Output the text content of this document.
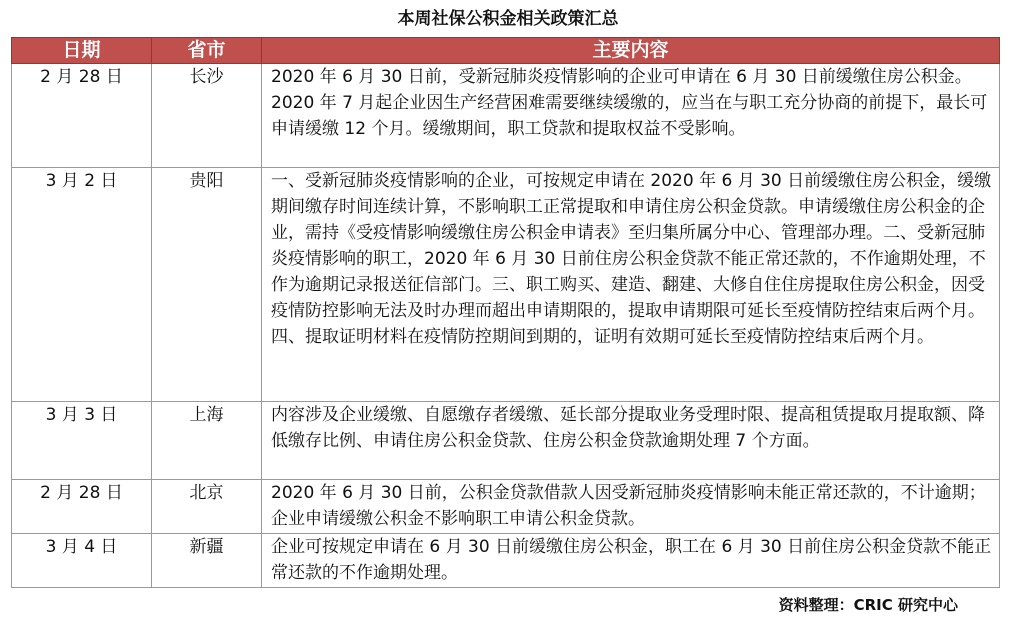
本周社保公积金相关政策汇总
日期	省市	主要内容
2 月 28 日	长沙	2020 年 6 月 30 日前，受新冠肺炎疫情影响的企业可申请在 6 月 30 日前缓缴住房公积金。2020 年 7 月起企业因生产经营困难需要继续缓缴的，应当在与职工充分协商的前提下，最长可申请缓缴 12 个月。缓缴期间，职工贷款和提取权益不受影响。
3 月 2 日	贵阳	一、受新冠肺炎疫情影响的企业，可按规定申请在 2020 年 6 月 30 日前缓缴住房公积金，缓缴期间缴存时间连续计算，不影响职工正常提取和申请住房公积金贷款。申请缓缴住房公积金的企业，需持《受疫情影响缓缴住房公积金申请表》至归集所属分中心、管理部办理。二、受新冠肺炎疫情影响的职工，2020 年 6 月 30 日前住房公积金贷款不能正常还款的，不作逾期处理，不作为逾期记录报送征信部门。三、职工购买、建造、翻建、大修自住住房提取住房公积金，因受疫情防控影响无法及时办理而超出申请期限的，提取申请期限可延长至疫情防控结束后两个月。四、提取证明材料在疫情防控期间到期的，证明有效期可延长至疫情防控结束后两个月。
3 月 3 日	上海	内容涉及企业缓缴、自愿缴存者缓缴、延长部分提取业务受理时限、提高租赁提取月提取额、降低缴存比例、申请住房公积金贷款、住房公积金贷款逾期处理 7 个方面。
2 月 28 日	北京	2020 年 6 月 30 日前，公积金贷款借款人因受新冠肺炎疫情影响未能正常还款的，不计逾期；企业申请缓缴公积金不影响职工申请公积金贷款。
3 月 4 日	新疆	企业可按规定申请在 6 月 30 日前缓缴住房公积金，职工在 6 月 30 日前住房公积金贷款不能正常还款的不作逾期处理。
资料整理：CRIC 研究中心
